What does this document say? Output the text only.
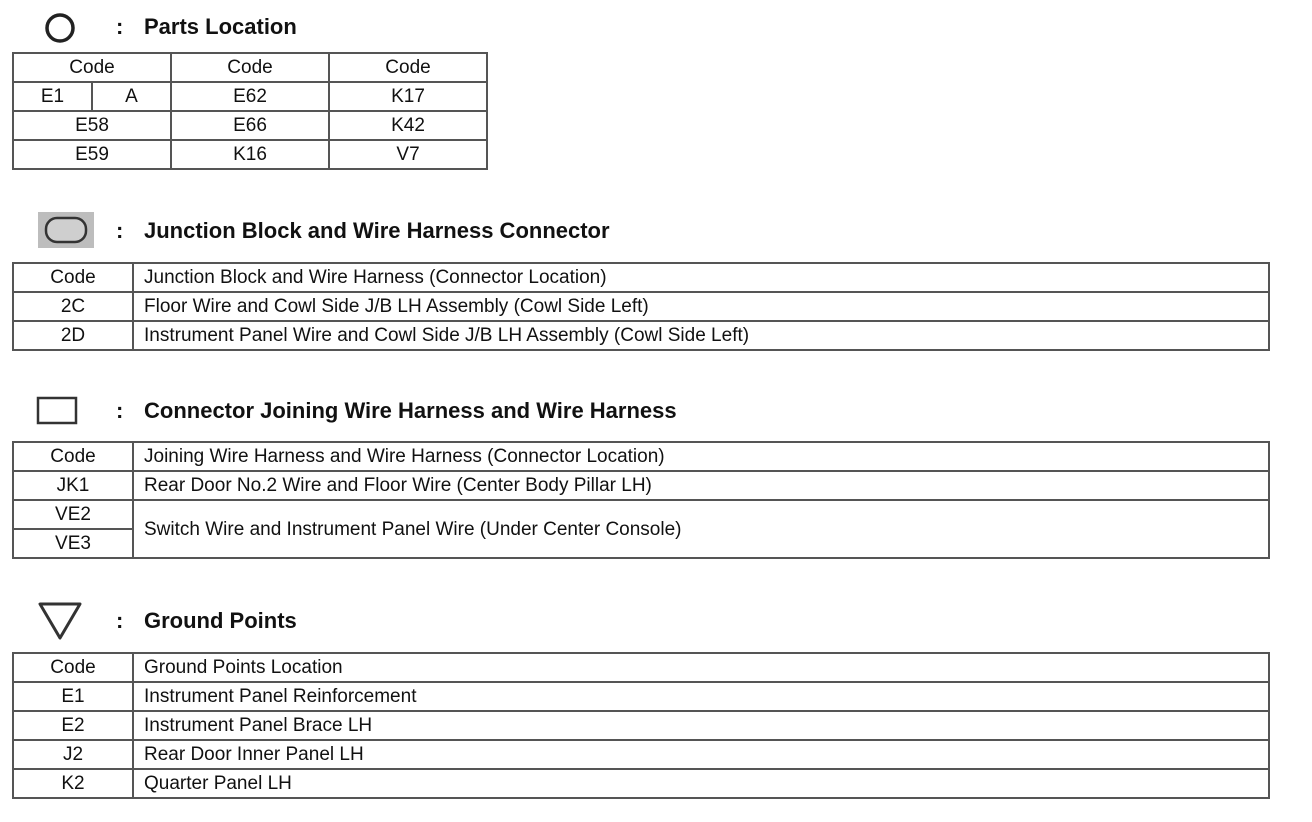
: Parts Location
Code		Code	Code
E1	A	E62	K17
E58		E66	K42
E59		K16	V7
: Junction Block and Wire Harness Connector
Code	Junction Block and Wire Harness (Connector Location)
2C	Floor Wire and Cowl Side J/B LH Assembly (Cowl Side Left)
2D	Instrument Panel Wire and Cowl Side J/B LH Assembly (Cowl Side Left)
: Connector Joining Wire Harness and Wire Harness
Code	Joining Wire Harness and Wire Harness (Connector Location)
JK1	Rear Door No.2 Wire and Floor Wire (Center Body Pillar LH)
VE2	Switch Wire and Instrument Panel Wire (Under Center Console)
VE3	
: Ground Points
Code	Ground Points Location
E1	Instrument Panel Reinforcement
E2	Instrument Panel Brace LH
J2	Rear Door Inner Panel LH
K2	Quarter Panel LH
